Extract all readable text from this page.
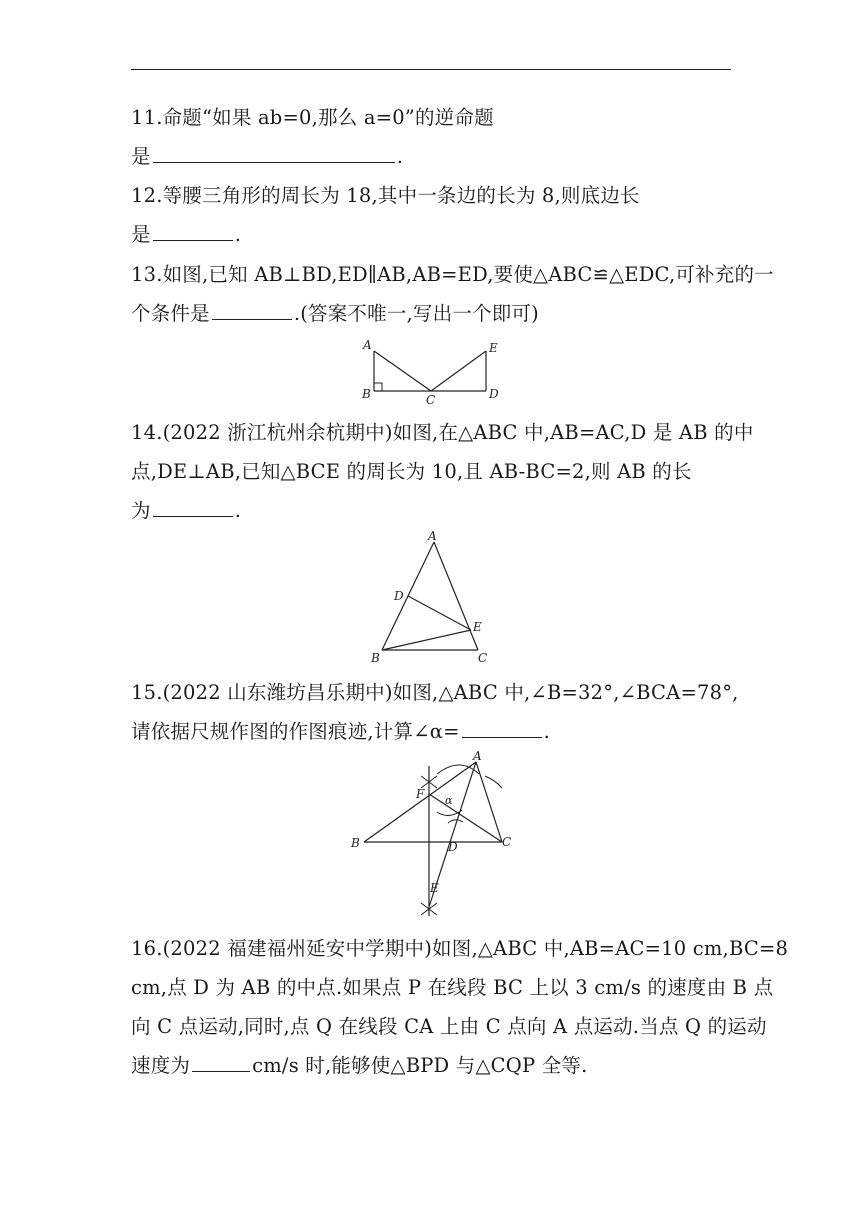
11.命题“如果 ab=0,那么 a=0”的逆命题
是	.
12.等腰三角形的周长为 18,其中一条边的长为 8,则底边长
是	.
13.如图,已知 AB⊥BD,ED∥AB,AB=ED,要使△ABC≌△EDC,可补充的一
个条件是	.(答案不唯一,写出一个即可)
A
B	C	D
E
14.(2022 浙江杭州余杭期中)如图,在△ABC 中,AB=AC,D 是 AB 的中
点,DE⊥AB,已知△BCE 的周长为 10,且 AB-BC=2,则 AB 的长
为	.
A
B	C
D
E
15.(2022 山东潍坊昌乐期中)如图,△ABC 中,∠B=32°,∠BCA=78°,
请依据尺规作图的作图痕迹,计算∠α=	.
A
B	C
D
E
F α
16.(2022 福建福州延安中学期中)如图,△ABC 中,AB=AC=10 cm,BC=8
cm,点 D 为 AB 的中点.如果点 P 在线段 BC 上以 3 cm/s 的速度由 B 点
向 C 点运动,同时,点 Q 在线段 CA 上由 C 点向 A 点运动.当点 Q 的运动
速度为	cm/s 时,能够使△BPD 与△CQP 全等.
